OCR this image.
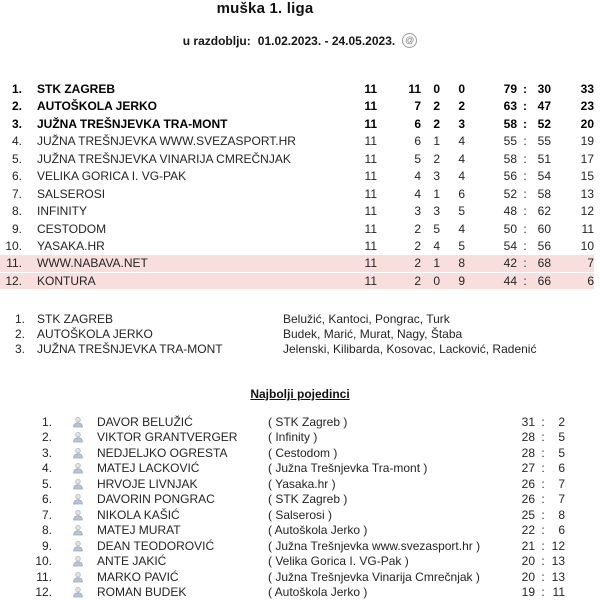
muška 1. liga
u razdoblju: 01.02.2023. - 24.05.2023.	@
1.	STK ZAGREB	11	11	0	0	79 : 30	33
2.	AUTOŠKOLA JERKO	11	7	2	2	63 : 47	23
3.	JUŽNA TREŠNJEVKA TRA-MONT	11	6	2	3	58 : 52	20
4.	JUŽNA TREŠNJEVKA WWW.SVEZASPORT.HR	11	6	1	4	55 : 55	19
5.	JUŽNA TREŠNJEVKA VINARIJA CMREČNJAK	11	5	2	4	58 : 51	17
6.	VELIKA GORICA I. VG-PAK	11	4	3	4	56 : 54	15
7.	SALSEROSI	11	4	1	6	52 : 58	13
8.	INFINITY	11	3	3	5	48 : 62	12
9.	CESTODOM	11	2	5	4	50 : 60	11
10.	YASAKA.HR	11	2	4	5	54 : 56	10
11.	WWW.NABAVA.NET	11	2	1	8	42 : 68	7
12.	KONTURA	11	2	0	9	44 : 66	6
1.	STK ZAGREB	Belužić, Kantoci, Pongrac, Turk
2.	AUTOŠKOLA JERKO	Budek, Marić, Murat, Nagy, Štaba
3.	JUŽNA TREŠNJEVKA TRA-MONT	Jelenski, Kilibarda, Kosovac, Lacković, Radenić
Najbolji pojedinci
1.	DAVOR BELUŽIĆ	( STK Zagreb )	31 :	2
2.	VIKTOR GRANTVERGER	( Infinity )	28 :	5
3.	NEDJELJKO OGRESTA	( Cestodom )	28 :	5
4.	MATEJ LACKOVIĆ	( Južna Trešnjevka Tra-mont )	27 :	6
5.	HRVOJE LIVNJAK	( Yasaka.hr )	26 :	7
6.	DAVORIN PONGRAC	( STK Zagreb )	26 :	7
7.	NIKOLA KAŠIĆ	( Salserosi )	25 :	8
8.	MATEJ MURAT	( Autoškola Jerko )	22 :	6
9.	DEAN TEODOROVIĆ	( Južna Trešnjevka www.svezasport.hr )	21 : 12
10.	ANTE JAKIĆ	( Velika Gorica I. VG-Pak )	20 : 13
11.	MARKO PAVIĆ	( Južna Trešnjevka Vinarija Cmrečnjak )	20 : 13
12.	ROMAN BUDEK	( Autoškola Jerko )	19 : 11
